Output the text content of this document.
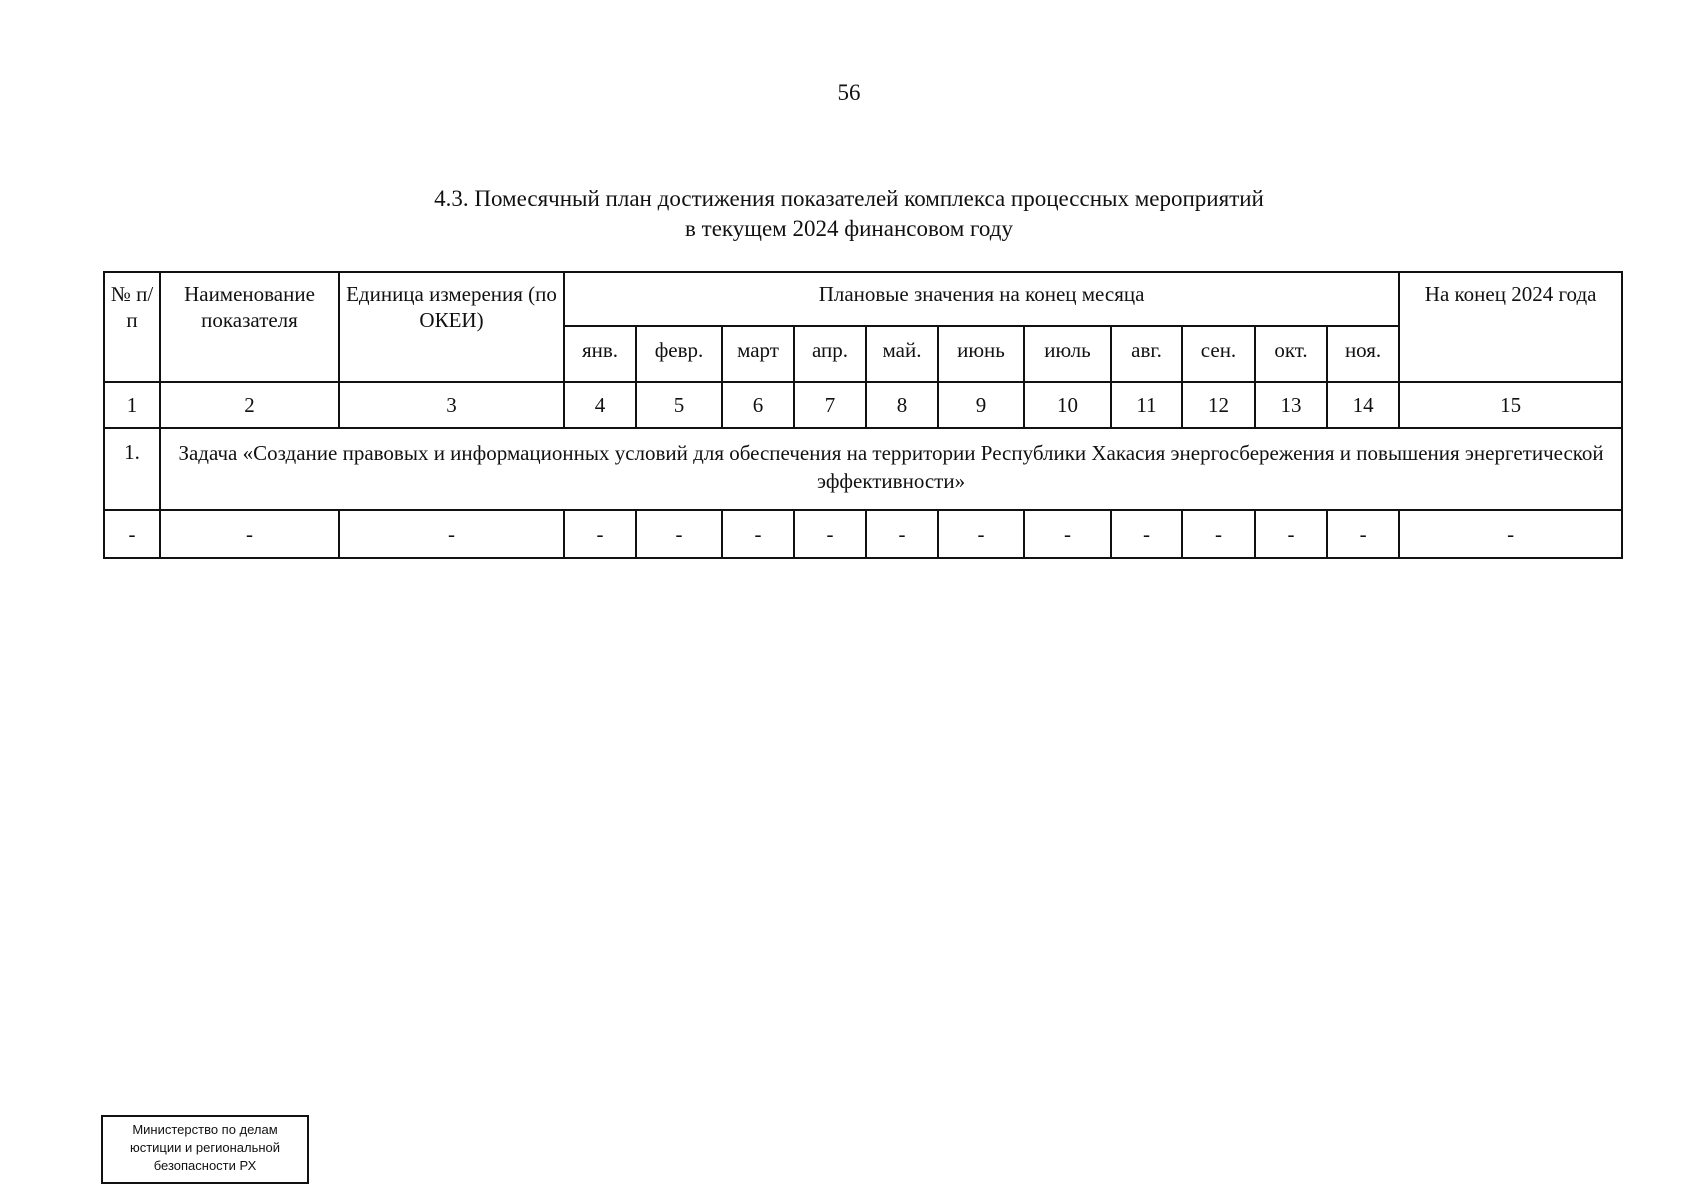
56
4.3. Помесячный план достижения показателей комплекса процессных мероприятий
в текущем 2024 финансовом году
№ п/п	Наименование показателя	Единица измерения (по ОКЕИ)	Плановые значения на конец месяца											На конец 2024 года
			янв.	февр.	март	апр.	май.	июнь	июль	авг.	сен.	окт.	ноя.	
1	2	3	4	5	6	7	8	9	10	11	12	13	14	15
1.	Задача «Создание правовых и информационных условий для обеспечения на территории Республики Хакасия энергосбережения и повышения энергетической эффективности»													
-	-	-	-	-	-	-	-	-	-	-	-	-	-	-
Министерство по делам
юстиции и региональной
безопасности РХ
